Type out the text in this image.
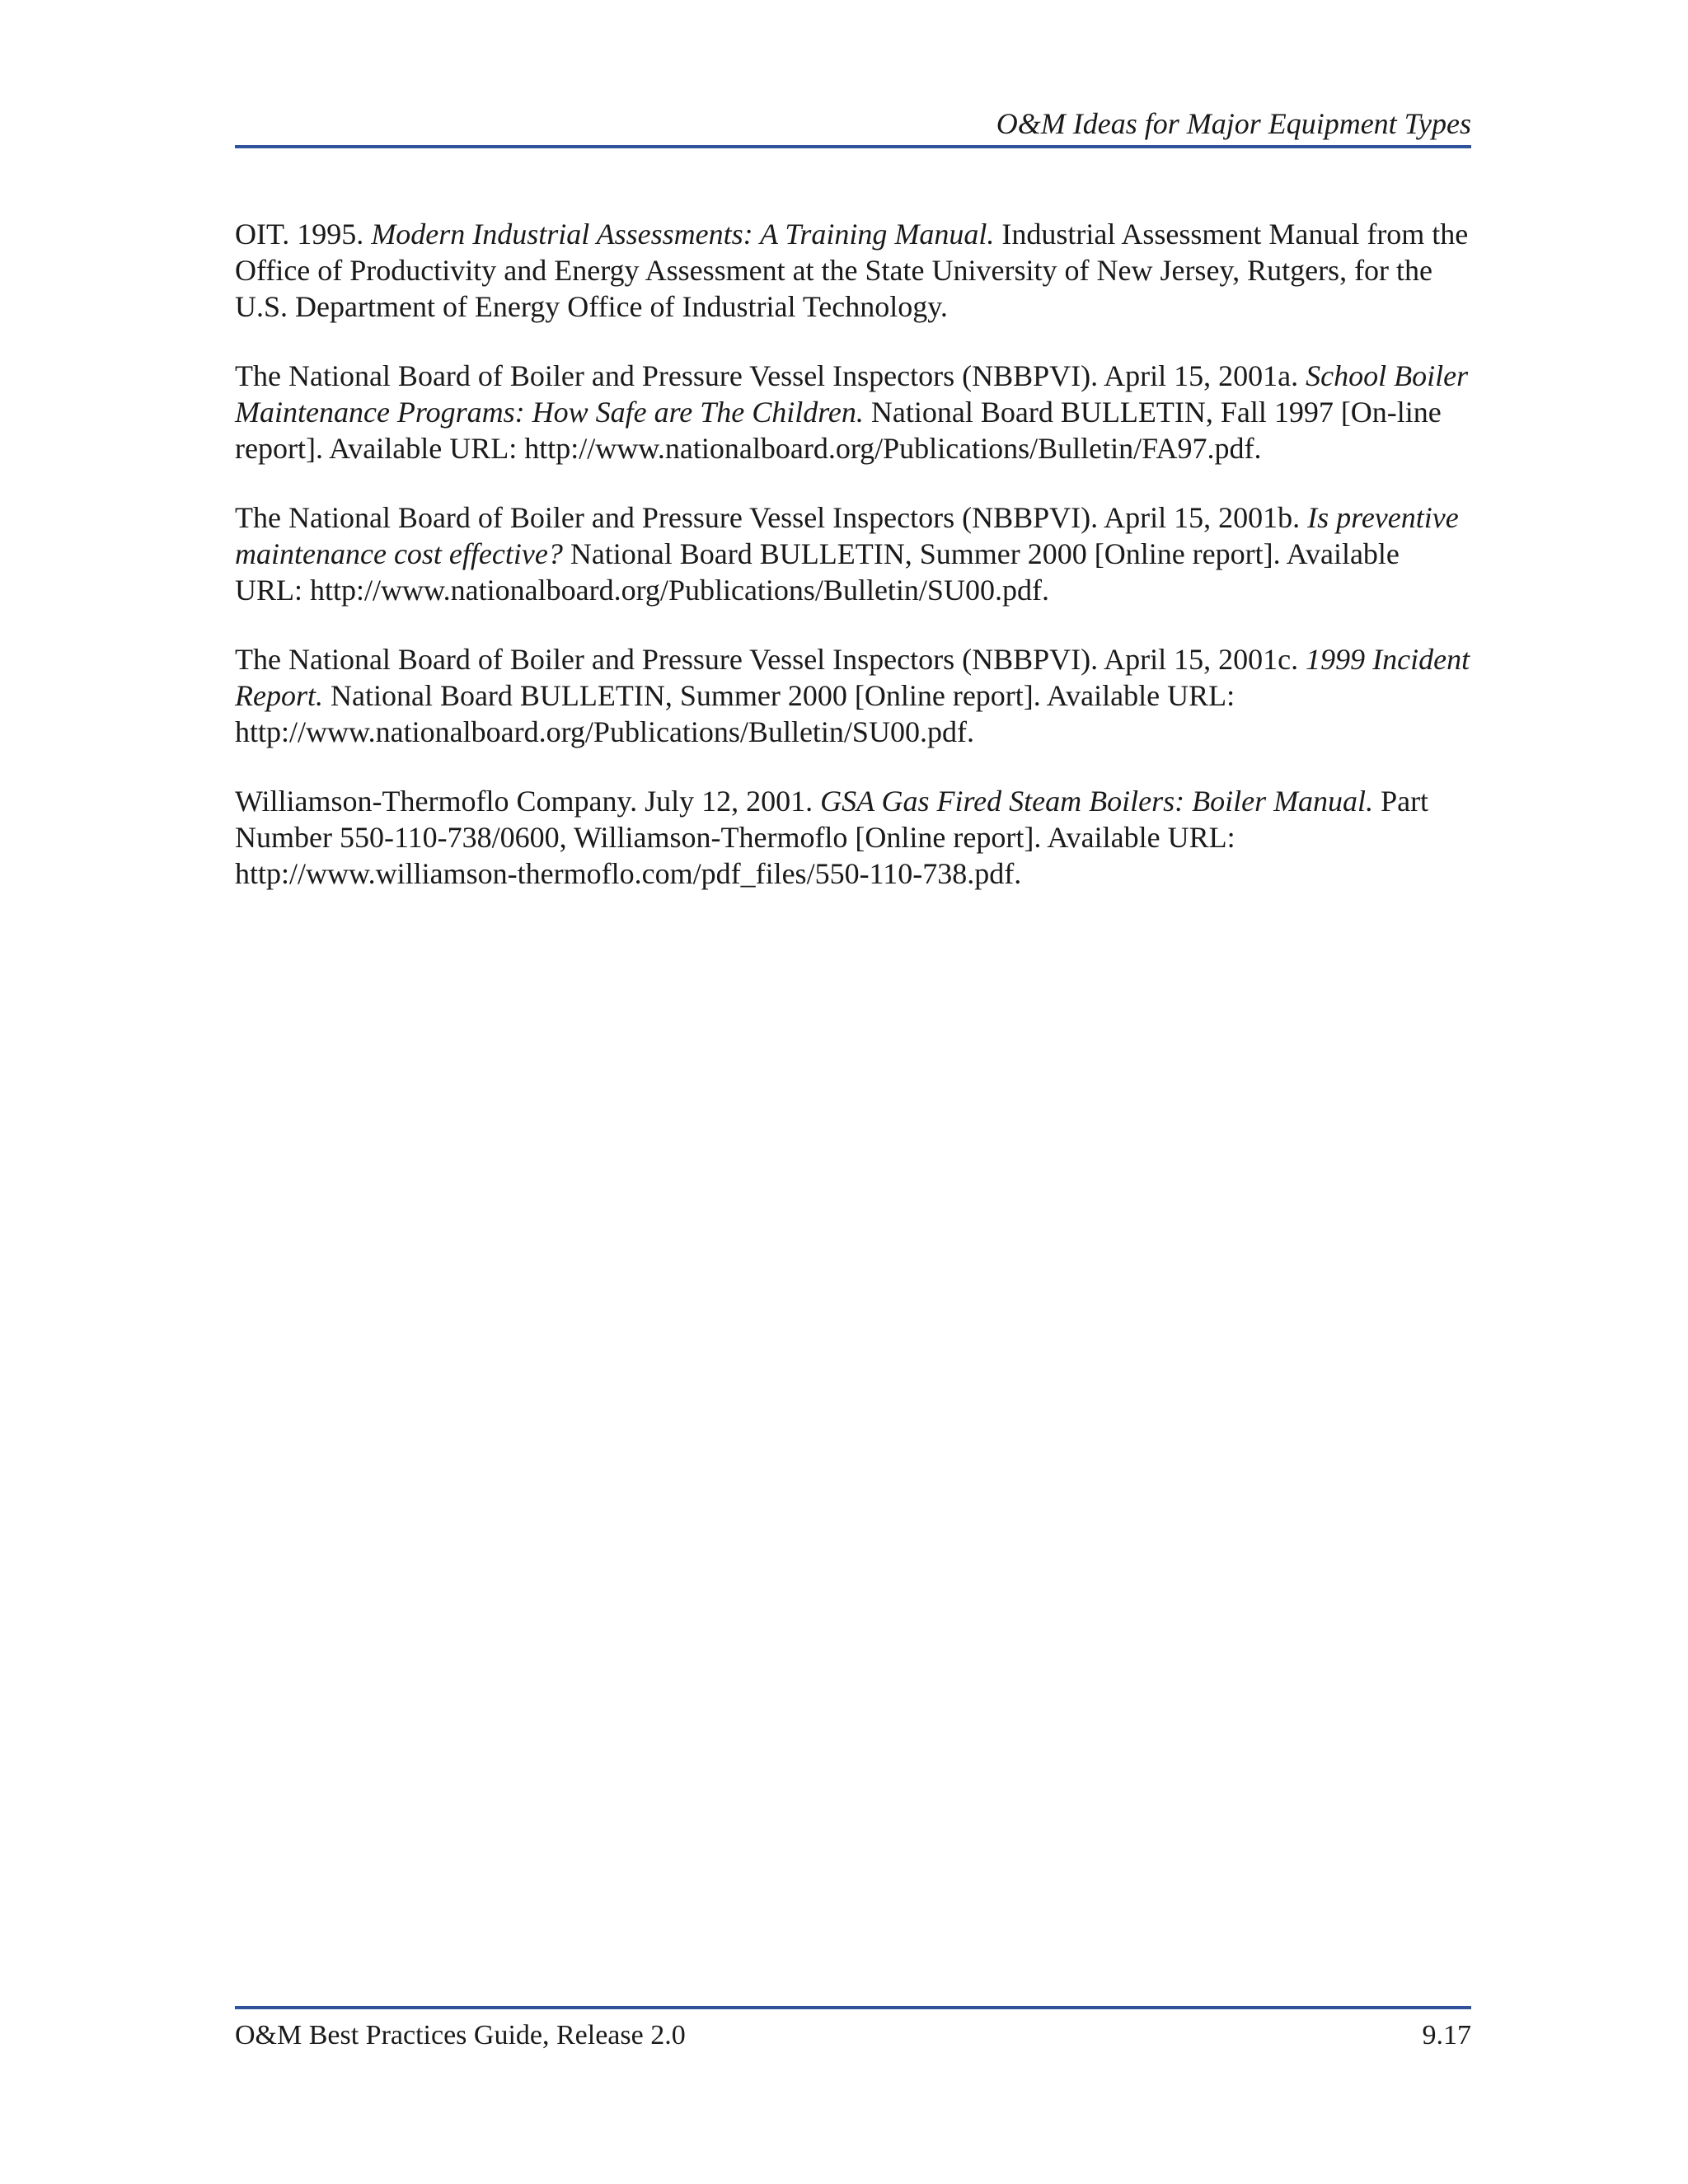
O&M Ideas for Major Equipment Types

OIT. 1995. Modern Industrial Assessments: A Training Manual. Industrial Assessment Manual from the Office of Productivity and Energy Assessment at the State University of New Jersey, Rutgers, for the U.S. Department of Energy Office of Industrial Technology.

The National Board of Boiler and Pressure Vessel Inspectors (NBBPVI). April 15, 2001a. School Boiler Maintenance Programs: How Safe are The Children. National Board BULLETIN, Fall 1997 [On-line report]. Available URL: http://www.nationalboard.org/Publications/Bulletin/FA97.pdf.

The National Board of Boiler and Pressure Vessel Inspectors (NBBPVI). April 15, 2001b. Is preventive maintenance cost effective? National Board BULLETIN, Summer 2000 [Online report]. Available URL: http://www.nationalboard.org/Publications/Bulletin/SU00.pdf.

The National Board of Boiler and Pressure Vessel Inspectors (NBBPVI). April 15, 2001c. 1999 Incident Report. National Board BULLETIN, Summer 2000 [Online report]. Available URL: http://www.nationalboard.org/Publications/Bulletin/SU00.pdf.

Williamson-Thermoflo Company. July 12, 2001. GSA Gas Fired Steam Boilers: Boiler Manual. Part Number 550-110-738/0600, Williamson-Thermoflo [Online report]. Available URL: http://www.williamson-thermoflo.com/pdf_files/550-110-738.pdf.

O&M Best Practices Guide, Release 2.0	9.17
